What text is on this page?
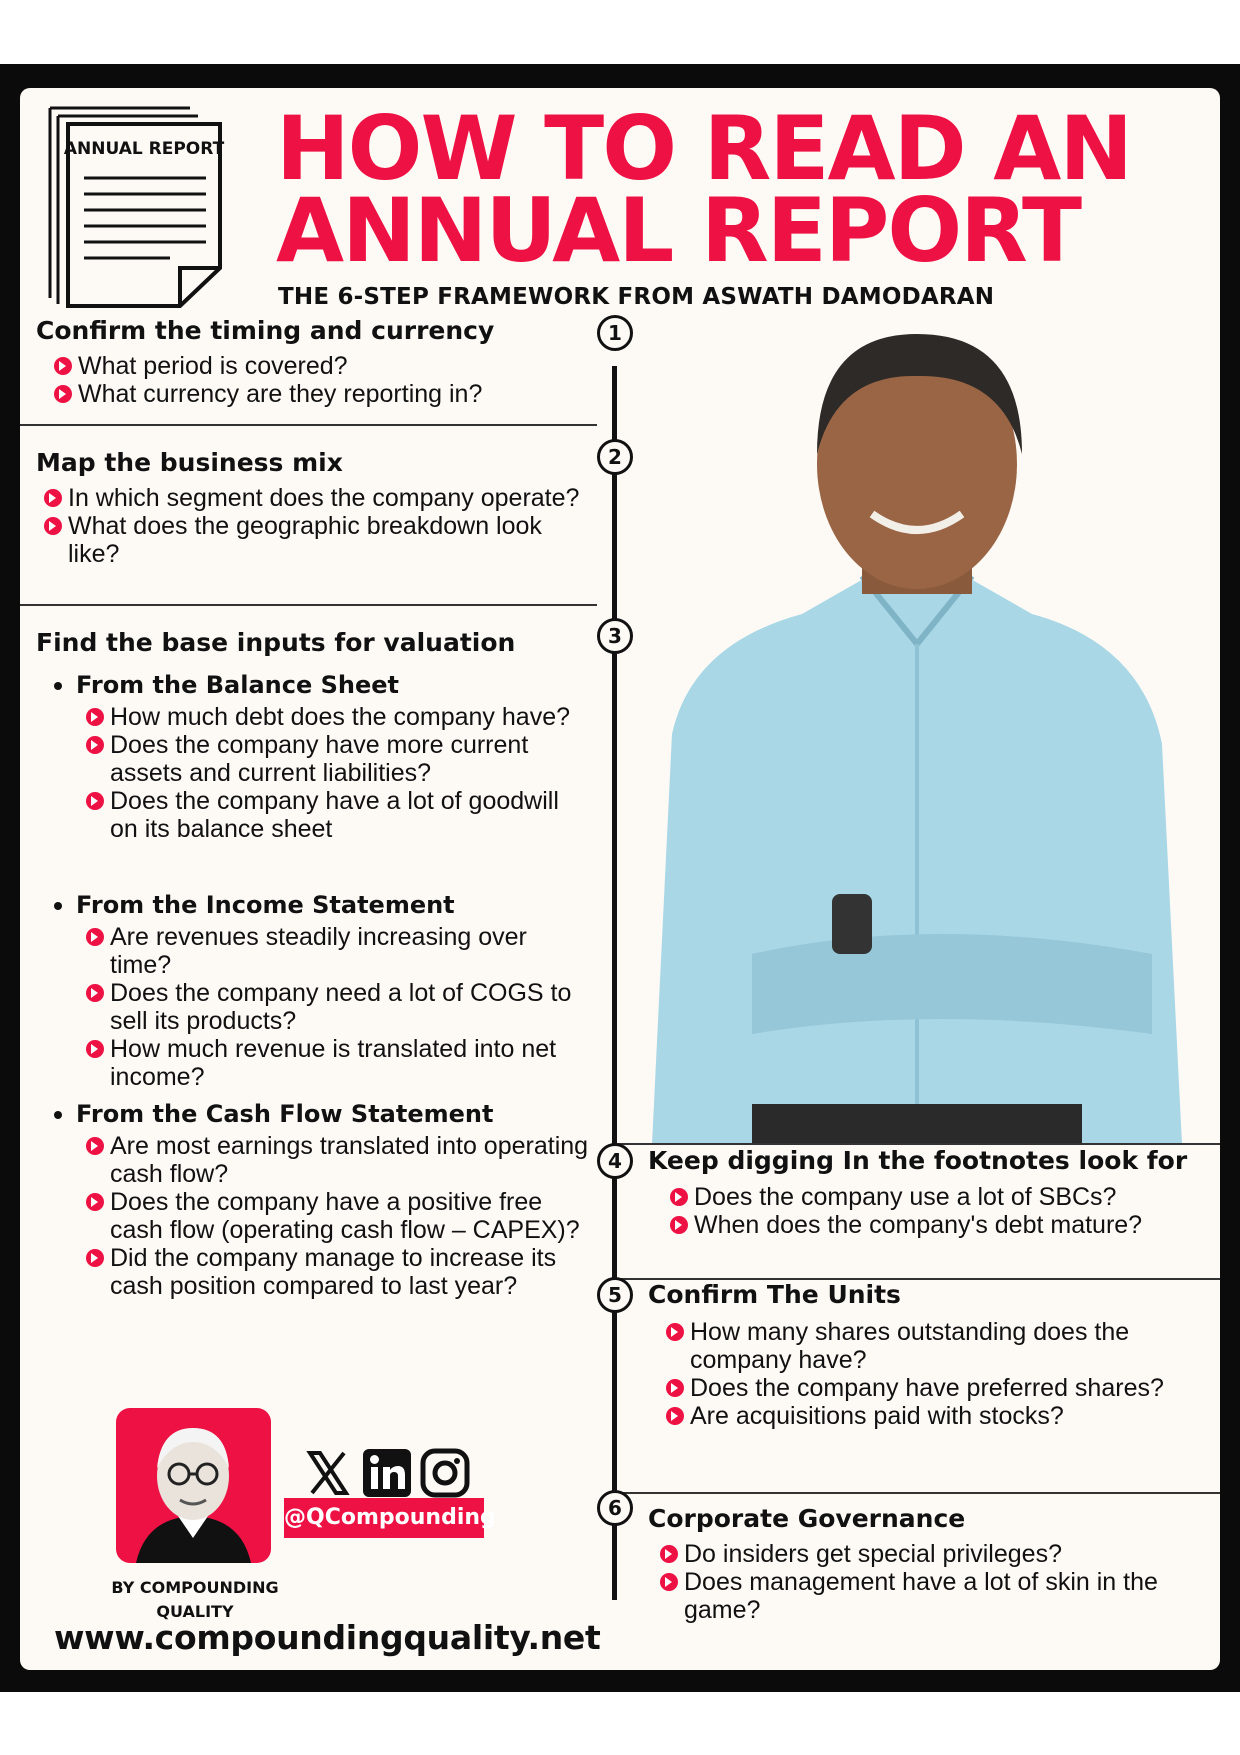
ANNUAL REPORT HOW TO READ AN
ANNUAL REPORT
THE 6-STEP FRAMEWORK FROM ASWATH DAMODARAN
1
Confirm the timing and currency
What period is covered?
What currency are they reporting in?
2
Map the business mix
In which segment does the company operate?
What does the geographic breakdown look like?
3
Find the base inputs for valuation
From the Balance Sheet
How much debt does the company have?
Does the company have more current assets and current liabilities?
Does the company have a lot of goodwill on its balance sheet
From the Income Statement
Are revenues steadily increasing over time?
Does the company need a lot of COGS to sell its products?
How much revenue is translated into net income?
From the Cash Flow Statement
Are most earnings translated into operating cash flow?
Does the company have a positive free cash flow (operating cash flow – CAPEX)?
Did the company manage to increase its cash position compared to last year?
4	Keep digging In the footnotes look for
Does the company use a lot of SBCs?
When does the company's debt mature?
5	Confirm The Units
How many shares outstanding does the company have?
Does the company have preferred shares?
Are acquisitions paid with stocks?
6	Corporate Governance
Do insiders get special privileges?
Does management have a lot of skin in the game?
BY COMPOUNDING QUALITY
@QCompounding
www.compoundingquality.net
